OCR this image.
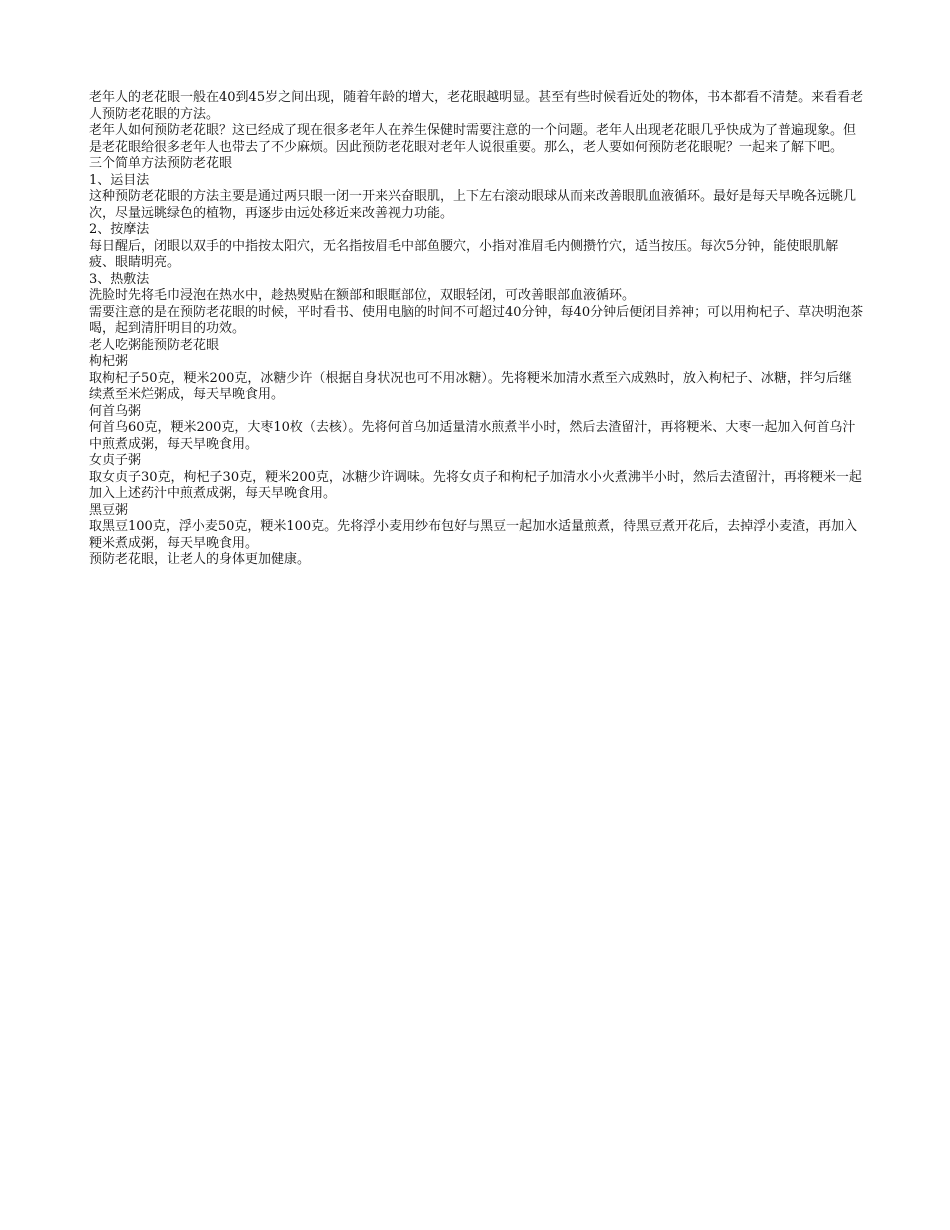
老年人的老花眼一般在40到45岁之间出现，随着年龄的增大，老花眼越明显。甚至有些时候看近处的物体，书本都看不清楚。来看看老人预防老花眼的方法。

老年人如何预防老花眼？这已经成了现在很多老年人在养生保健时需要注意的一个问题。老年人出现老花眼几乎快成为了普遍现象。但是老花眼给很多老年人也带去了不少麻烦。因此预防老花眼对老年人说很重要。那么，老人要如何预防老花眼呢？一起来了解下吧。

三个简单方法预防老花眼

1、运目法

这种预防老花眼的方法主要是通过两只眼一闭一开来兴奋眼肌，上下左右滚动眼球从而来改善眼肌血液循环。最好是每天早晚各远眺几次，尽量远眺绿色的植物，再逐步由远处移近来改善视力功能。

2、按摩法

每日醒后，闭眼以双手的中指按太阳穴，无名指按眉毛中部鱼腰穴，小指对准眉毛内侧攒竹穴，适当按压。每次5分钟，能使眼肌解疲、眼睛明亮。

3、热敷法

洗脸时先将毛巾浸泡在热水中，趁热熨贴在额部和眼眶部位，双眼轻闭，可改善眼部血液循环。

需要注意的是在预防老花眼的时候，平时看书、使用电脑的时间不可超过40分钟，每40分钟后便闭目养神；可以用枸杞子、草决明泡茶喝，起到清肝明目的功效。

老人吃粥能预防老花眼

枸杞粥

取枸杞子50克，粳米200克，冰糖少许（根据自身状况也可不用冰糖）。先将粳米加清水煮至六成熟时，放入枸杞子、冰糖，拌匀后继续煮至米烂粥成，每天早晚食用。

何首乌粥

何首乌60克，粳米200克，大枣10枚（去核）。先将何首乌加适量清水煎煮半小时，然后去渣留汁，再将粳米、大枣一起加入何首乌汁中煎煮成粥，每天早晚食用。

女贞子粥

取女贞子30克，枸杞子30克，粳米200克，冰糖少许调味。先将女贞子和枸杞子加清水小火煮沸半小时，然后去渣留汁，再将粳米一起加入上述药汁中煎煮成粥，每天早晚食用。

黑豆粥

取黑豆100克，浮小麦50克，粳米100克。先将浮小麦用纱布包好与黑豆一起加水适量煎煮，待黑豆煮开花后，去掉浮小麦渣，再加入粳米煮成粥，每天早晚食用。

预防老花眼，让老人的身体更加健康。
